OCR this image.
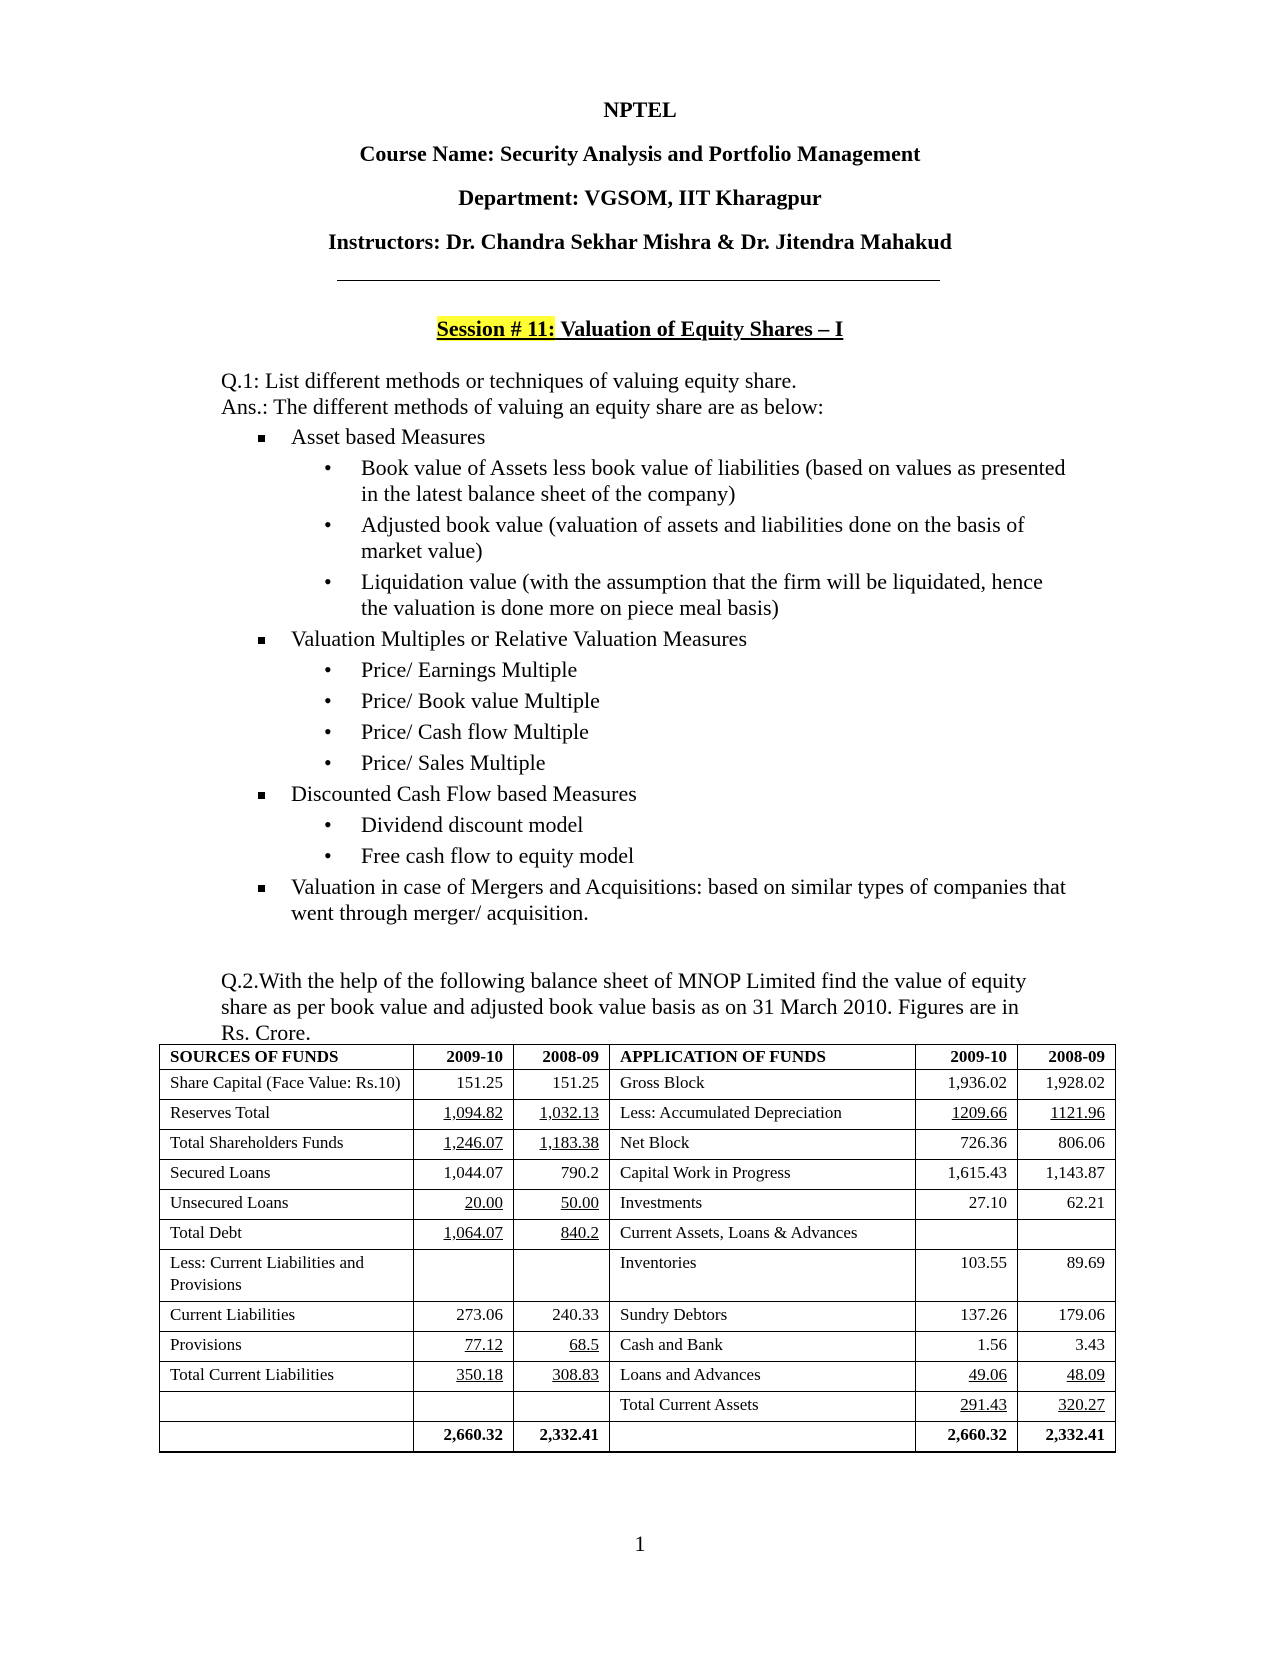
NPTEL
Course Name: Security Analysis and Portfolio Management
Department: VGSOM, IIT Kharagpur
Instructors: Dr. Chandra Sekhar Mishra & Dr. Jitendra Mahakud
Session # 11: Valuation of Equity Shares – I

Q.1: List different methods or techniques of valuing equity share.

Ans.: The different methods of valuing an equity share are as below:

Asset based Measures
• Book value of Assets less book value of liabilities (based on values as presented in the latest balance sheet of the company)
• Adjusted book value (valuation of assets and liabilities done on the basis of market value)
• Liquidation value (with the assumption that the firm will be liquidated, hence the valuation is done more on piece meal basis)
Valuation Multiples or Relative Valuation Measures
• Price/ Earnings Multiple
• Price/ Book value Multiple
• Price/ Cash flow Multiple
• Price/ Sales Multiple
Discounted Cash Flow based Measures
• Dividend discount model
• Free cash flow to equity model
Valuation in case of Mergers and Acquisitions: based on similar types of companies that went through merger/ acquisition.
Q.2.With the help of the following balance sheet of MNOP Limited find the value of equity share as per book value and adjusted book value basis as on 31 March 2010. Figures are in Rs. Crore.
SOURCES OF FUNDS	2009-10	2008-09	APPLICATION OF FUNDS	2009-10	2008-09
Share Capital (Face Value: Rs.10)	151.25	151.25	Gross Block	1,936.02	1,928.02
Reserves Total	1,094.82	1,032.13	Less: Accumulated Depreciation	1209.66	1121.96
Total Shareholders Funds	1,246.07	1,183.38	Net Block	726.36	806.06
Secured Loans	1,044.07	790.2	Capital Work in Progress	1,615.43	1,143.87
Unsecured Loans	20.00	50.00	Investments	27.10	62.21
Total Debt	1,064.07	840.2	Current Assets, Loans & Advances		
Less: Current Liabilities and Provisions			Inventories	103.55	89.69
Current Liabilities	273.06	240.33	Sundry Debtors	137.26	179.06
Provisions	77.12	68.5	Cash and Bank	1.56	3.43
Total Current Liabilities	350.18	308.83	Loans and Advances	49.06	48.09
			Total Current Assets	291.43	320.27
	2,660.32	2,332.41		2,660.32	2,332.41
1
